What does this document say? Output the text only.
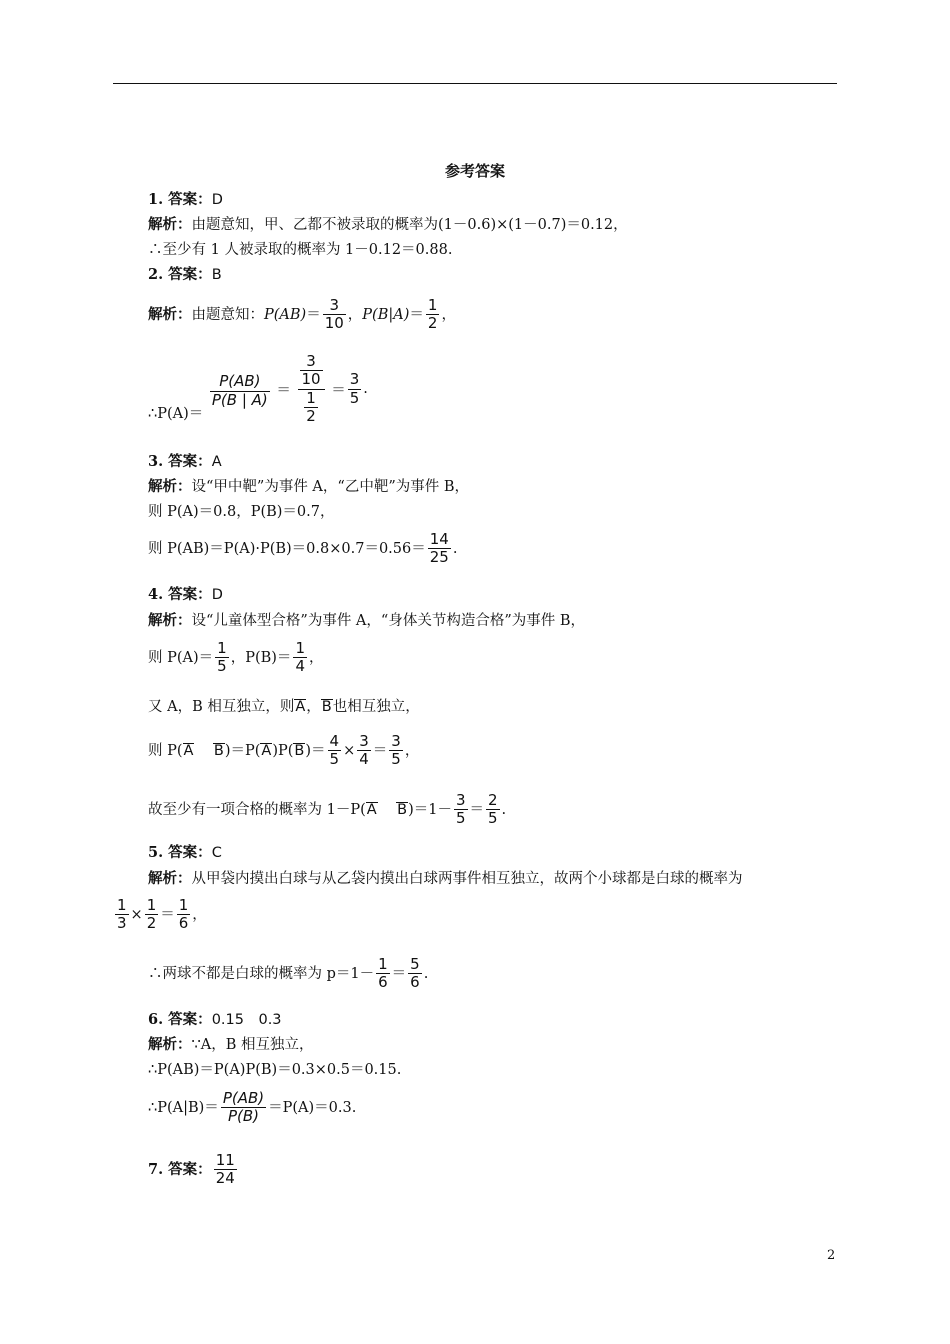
参考答案
1. 答案：D
解析：由题意知，甲、乙都不被录取的概率为(1－0.6)×(1－0.7)＝0.12，
∴至少有 1 人被录取的概率为 1－0.12＝0.88.
2. 答案：B
解析：由题意知：$P(AB)= \frac{3}{10}$ ，$P(B|A)= \frac{1}{2}$ ，
∴P(A)＝
$\frac{P(AB)}{P(B | A)} = \frac{\frac{3}{10}}{\frac{1}{2}} = \frac{3}{5}$ .
3. 答案：A
解析：设“甲中靶”为事件 A，“乙中靶”为事件 B，
则 P(A)＝0.8，P(B)＝0.7，
则 $P(AB)=P(A)\cdot P(B)=0.8\times 0.7=0.56= \frac{14}{25}$ .
4. 答案：D
解析：设“儿童体型合格”为事件 A，“身体关节构造合格”为事件 B，
则 $P(A)= \frac{1}{5}$ ，$P(B)= \frac{1}{4}$ ，
又 A，B 相互独立，则A，B也相互独立，
则 P(A $B)=P(A)P(B)= \frac{4}{5} \times \frac{3}{4} = \frac{3}{5}$ ，
故至少有一项合格的概率为 1－P(A $B)=1- \frac{3}{5} = \frac{2}{5}$ .
5. 答案：C
解析：从甲袋内摸出白球与从乙袋内摸出白球两事件相互独立，故两个小球都是白球的概率为
$\frac{1}{3} \times \frac{1}{2} = \frac{1}{6}$ ，
∴两球不都是白球的概率为 $p=1- \frac{1}{6} = \frac{5}{6}$ .
6. 答案：0.15　0.3
解析：∵A，B 相互独立，
∴P(AB)＝P(A)P(B)＝0.3×0.5＝0.15.
∴P(A|B)＝ $\frac{P(AB)}{P(B)} =P(A)=0.3$.
7. 答案： $\frac{11}{24}$
2
